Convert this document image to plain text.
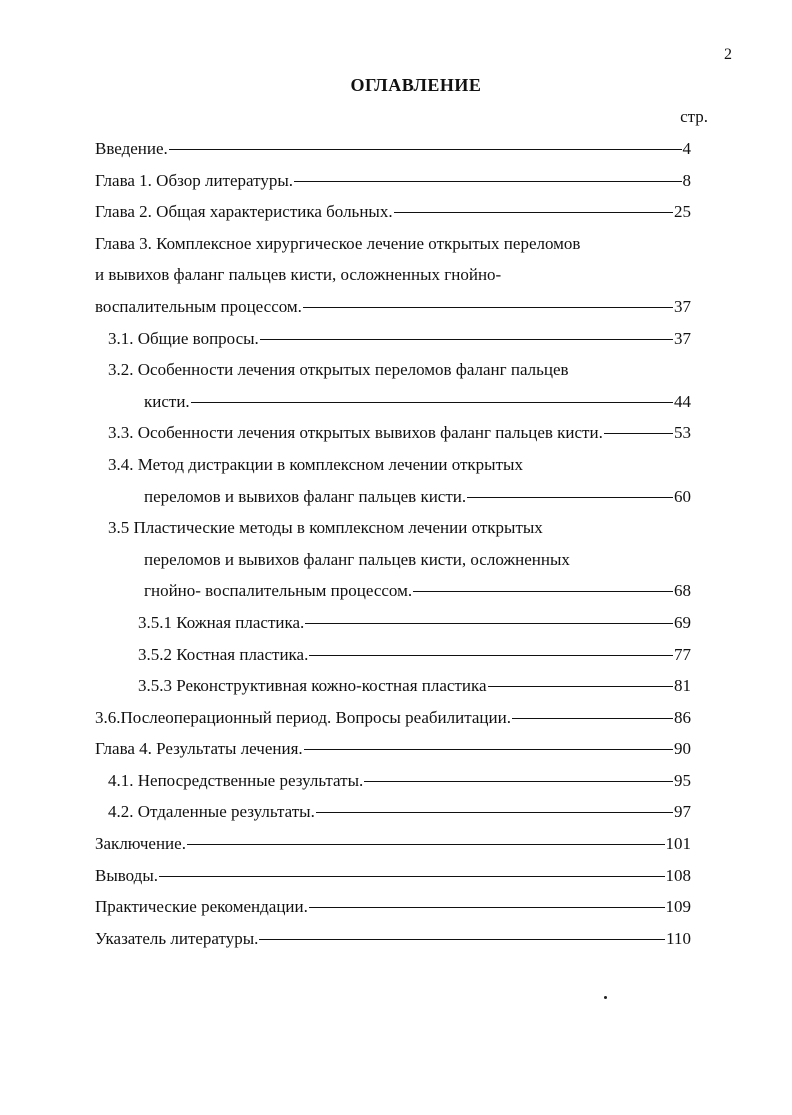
2
ОГЛАВЛЕНИЕ
стр.
Введение.	4
Глава 1. Обзор литературы.	8
Глава 2. Общая характеристика больных.	25
Глава 3. Комплексное хирургическое лечение открытых переломов
и вывихов фаланг пальцев кисти, осложненных гнойно-
воспалительным процессом.	37
3.1. Общие вопросы.	37
3.2. Особенности лечения открытых переломов фаланг пальцев
кисти.	44
3.3. Особенности лечения открытых вывихов фаланг пальцев кисти.	53
3.4. Метод дистракции в комплексном лечении открытых
переломов и вывихов фаланг пальцев кисти.	60
3.5 Пластические методы в комплексном лечении открытых
переломов и вывихов фаланг пальцев кисти, осложненных
гнойно- воспалительным процессом.	68
3.5.1 Кожная пластика.	69
3.5.2 Костная пластика.	77
3.5.3 Реконструктивная кожно-костная пластика	81
3.6.Послеоперационный период. Вопросы реабилитации.	86
Глава 4. Результаты лечения.	90
4.1. Непосредственные результаты.	95
4.2. Отдаленные результаты.	97
Заключение.	101
Выводы.	108
Практические рекомендации.	109
Указатель литературы.	110
